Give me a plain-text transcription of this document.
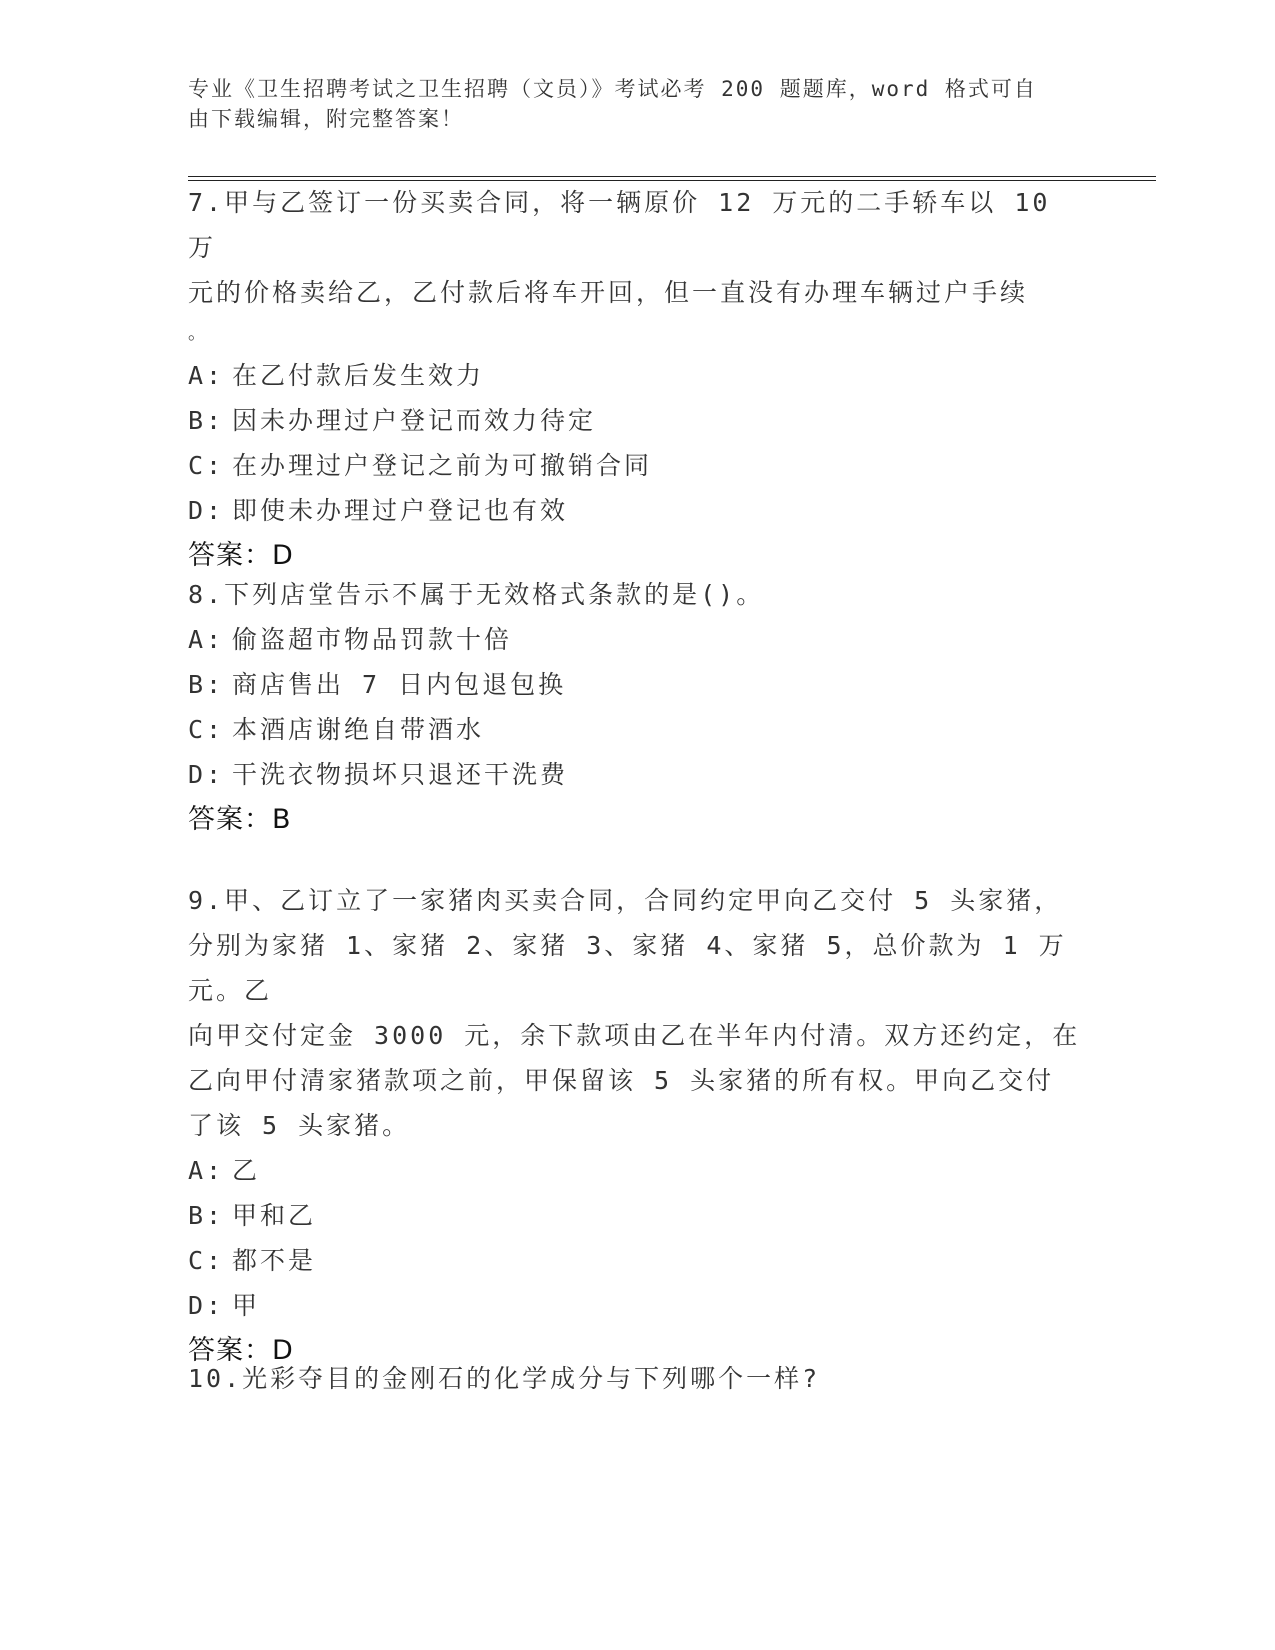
专业《卫生招聘考试之卫生招聘（文员）》考试必考 200 题题库，word 格式可自
由下载编辑，附完整答案！
7.甲与乙签订一份买卖合同，将一辆原价 12 万元的二手轿车以 10 万
元的价格卖给乙，乙付款后将车开回，但一直没有办理车辆过户手续
。
A: 在乙付款后发生效力
B: 因未办理过户登记而效力待定
C: 在办理过户登记之前为可撤销合同
D: 即使未办理过户登记也有效
答案：D
8.下列店堂告示不属于无效格式条款的是()。
A: 偷盗超市物品罚款十倍
B: 商店售出 7 日内包退包换
C: 本酒店谢绝自带酒水
D: 干洗衣物损坏只退还干洗费
答案：B
9.甲、乙订立了一家猪肉买卖合同，合同约定甲向乙交付 5 头家猪，
分别为家猪 1、家猪 2、家猪 3、家猪 4、家猪 5，总价款为 1 万元。乙
向甲交付定金 3000 元，余下款项由乙在半年内付清。双方还约定，在
乙向甲付清家猪款项之前，甲保留该 5 头家猪的所有权。甲向乙交付
了该 5 头家猪。
A: 乙
B: 甲和乙
C: 都不是
D: 甲
答案：D
10.光彩夺目的金刚石的化学成分与下列哪个一样?
